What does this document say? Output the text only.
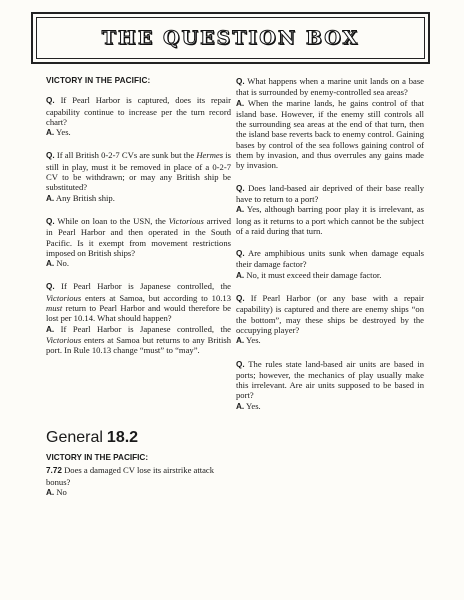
THE QUESTION BOX

VICTORY IN THE PACIFIC:

Q. If Pearl Harbor is captured, does its repair capability continue to increase per the turn record chart?

A. Yes.

Q. If all British 0-2-7 CVs are sunk but the Hermes is still in play, must it be removed in place of a 0-2-7 CV to be withdrawn; or may any British ship be substituted?

A. Any British ship.

Q. While on loan to the USN, the Victorious arrived in Pearl Harbor and then operated in the South Pacific. Is it exempt from movement restrictions imposed on British ships?

A. No.

Q. If Pearl Harbor is Japanese controlled, the Victorious enters at Samoa, but according to 10.13 must return to Pearl Harbor and would therefore be lost per 10.14. What should happen?

A. If Pearl Harbor is Japanese controlled, the Victorious enters at Samoa but returns to any British port. In Rule 10.13 change “must” to “may”.

Q. What happens when a marine unit lands on a base that is surrounded by enemy-controlled sea areas?

A. When the marine lands, he gains control of that island base. However, if the enemy still controls all the surrounding sea areas at the end of that turn, then the island base reverts back to enemy control. Gaining bases by control of the sea follows gaining control of them by invasion, and thus overrules any gains made by invasion.

Q. Does land-based air deprived of their base really have to return to a port?

A. Yes, although barring poor play it is irrelevant, as long as it returns to a port which cannot be the subject of a raid during that turn.

Q. Are amphibious units sunk when damage equals their damage factor?

A. No, it must exceed their damage factor.

Q. If Pearl Harbor (or any base with a repair capability) is captured and there are enemy ships “on the bottom”, may these ships be destroyed by the occupying player?

A. Yes.

Q. The rules state land-based air units are based in ports; however, the mechanics of play usually make this irrelevant. Are air units supposed to be based in port?

A. Yes.

General 18.2

VICTORY IN THE PACIFIC:

7.72 Does a damaged CV lose its airstrike attack bonus?

A. No
